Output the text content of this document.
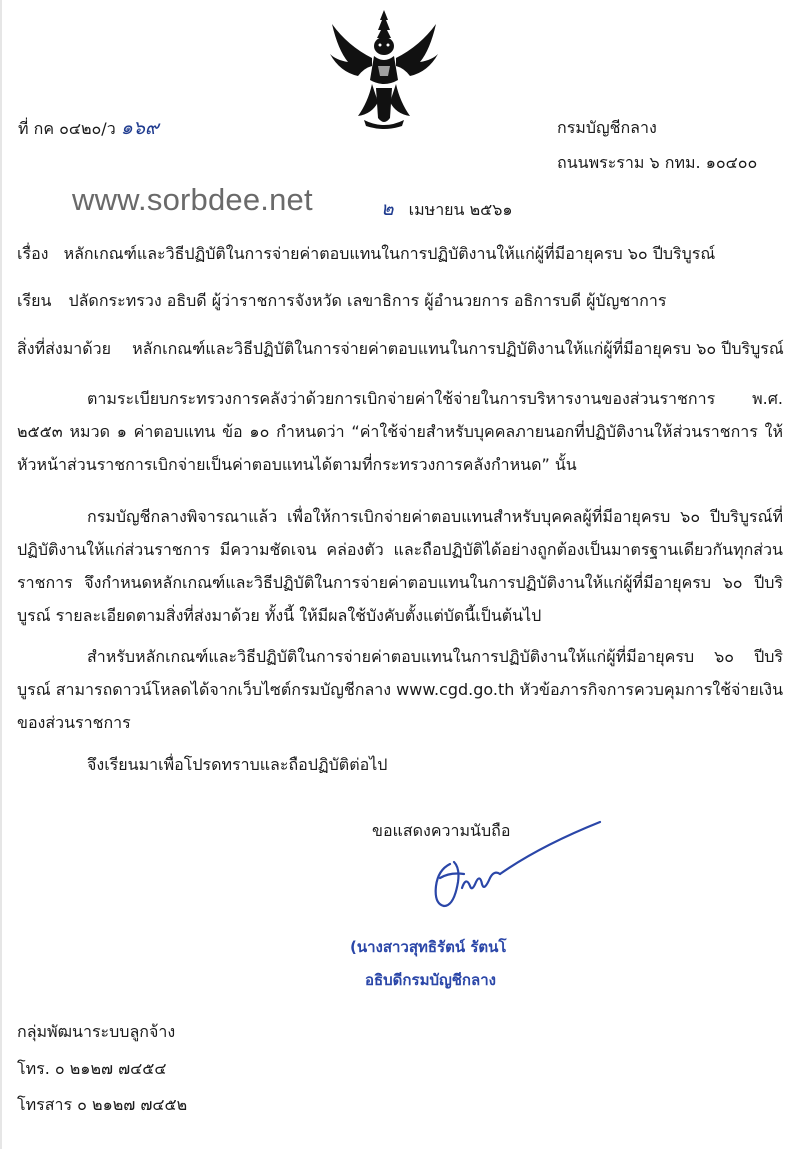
ที่ กค ๐๔๒๐/ว ๑๖๙	กรมบัญชีกลาง
ถนนพระราม ๖ กทม. ๑๐๔๐๐
www.sorbdee.net	๒ เมษายน ๒๕๖๑
เรื่อง หลักเกณฑ์และวิธีปฏิบัติในการจ่ายค่าตอบแทนในการปฏิบัติงานให้แก่ผู้ที่มีอายุครบ ๖๐ ปีบริบูรณ์
เรียน ปลัดกระทรวง อธิบดี ผู้ว่าราชการจังหวัด เลขาธิการ ผู้อำนวยการ อธิการบดี ผู้บัญชาการ
สิ่งที่ส่งมาด้วย หลักเกณฑ์และวิธีปฏิบัติในการจ่ายค่าตอบแทนในการปฏิบัติงานให้แก่ผู้ที่มีอายุครบ ๖๐ ปีบริบูรณ์
ตามระเบียบกระทรวงการคลังว่าด้วยการเบิกจ่ายค่าใช้จ่ายในการบริหารงานของส่วนราชการ พ.ศ. ๒๕๕๓ หมวด ๑ ค่าตอบแทน ข้อ ๑๐ กำหนดว่า “ค่าใช้จ่ายสำหรับบุคคลภายนอกที่ปฏิบัติงานให้ส่วนราชการ ให้หัวหน้าส่วนราชการเบิกจ่ายเป็นค่าตอบแทนได้ตามที่กระทรวงการคลังกำหนด” นั้น
กรมบัญชีกลางพิจารณาแล้ว เพื่อให้การเบิกจ่ายค่าตอบแทนสำหรับบุคคลผู้ที่มีอายุครบ ๖๐ ปีบริบูรณ์ที่ปฏิบัติงานให้แก่ส่วนราชการ มีความชัดเจน คล่องตัว และถือปฏิบัติได้อย่างถูกต้องเป็นมาตรฐานเดียวกันทุกส่วนราชการ จึงกำหนดหลักเกณฑ์และวิธีปฏิบัติในการจ่ายค่าตอบแทนในการปฏิบัติงานให้แก่ผู้ที่มีอายุครบ ๖๐ ปีบริบูรณ์ รายละเอียดตามสิ่งที่ส่งมาด้วย ทั้งนี้ ให้มีผลใช้บังคับตั้งแต่บัดนี้เป็นต้นไป
สำหรับหลักเกณฑ์และวิธีปฏิบัติในการจ่ายค่าตอบแทนในการปฏิบัติงานให้แก่ผู้ที่มีอายุครบ ๖๐ ปีบริบูรณ์ สามารถดาวน์โหลดได้จากเว็บไซต์กรมบัญชีกลาง www.cgd.go.th หัวข้อภารกิจการควบคุมการใช้จ่ายเงินของส่วนราชการ
จึงเรียนมาเพื่อโปรดทราบและถือปฏิบัติต่อไป
ขอแสดงความนับถือ
(นางสาวสุทธิรัตน์ รัตนโ
อธิบดีกรมบัญชีกลาง
กลุ่มพัฒนาระบบลูกจ้าง
โทร. ๐ ๒๑๒๗ ๗๔๕๔
โทรสาร ๐ ๒๑๒๗ ๗๔๕๒
